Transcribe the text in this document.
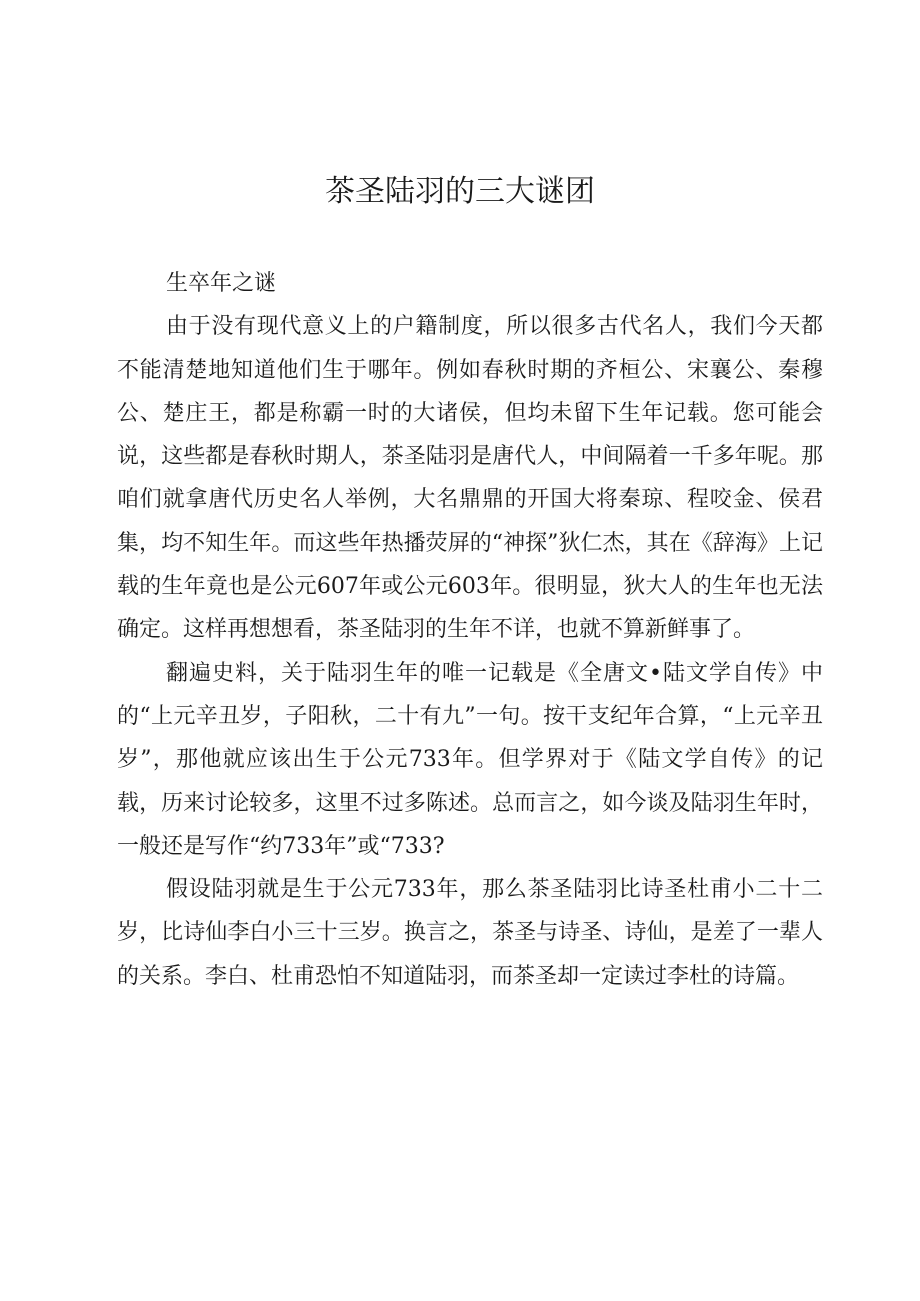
茶圣陆羽的三大谜团
生卒年之谜

由于没有现代意义上的户籍制度，所以很多古代名人，我们今天都不能清楚地知道他们生于哪年。例如春秋时期的齐桓公、宋襄公、秦穆公、楚庄王，都是称霸一时的大诸侯，但均未留下生年记载。您可能会说，这些都是春秋时期人，茶圣陆羽是唐代人，中间隔着一千多年呢。那咱们就拿唐代历史名人举例，大名鼎鼎的开国大将秦琼、程咬金、侯君集，均不知生年。而这些年热播荧屏的“神探”狄仁杰，其在《辞海》上记载的生年竟也是公元607年或公元603年。很明显，狄大人的生年也无法确定。这样再想想看，茶圣陆羽的生年不详，也就不算新鲜事了。

翻遍史料，关于陆羽生年的唯一记载是《全唐文•陆文学自传》中的“上元辛丑岁，子阳秋，二十有九”一句。按干支纪年合算，“上元辛丑岁”，那他就应该出生于公元733年。但学界对于《陆文学自传》的记载，历来讨论较多，这里不过多陈述。总而言之，如今谈及陆羽生年时，一般还是写作“约733年”或“733?

假设陆羽就是生于公元733年，那么茶圣陆羽比诗圣杜甫小二十二岁，比诗仙李白小三十三岁。换言之，茶圣与诗圣、诗仙，是差了一辈人的关系。李白、杜甫恐怕不知道陆羽，而茶圣却一定读过李杜的诗篇。
